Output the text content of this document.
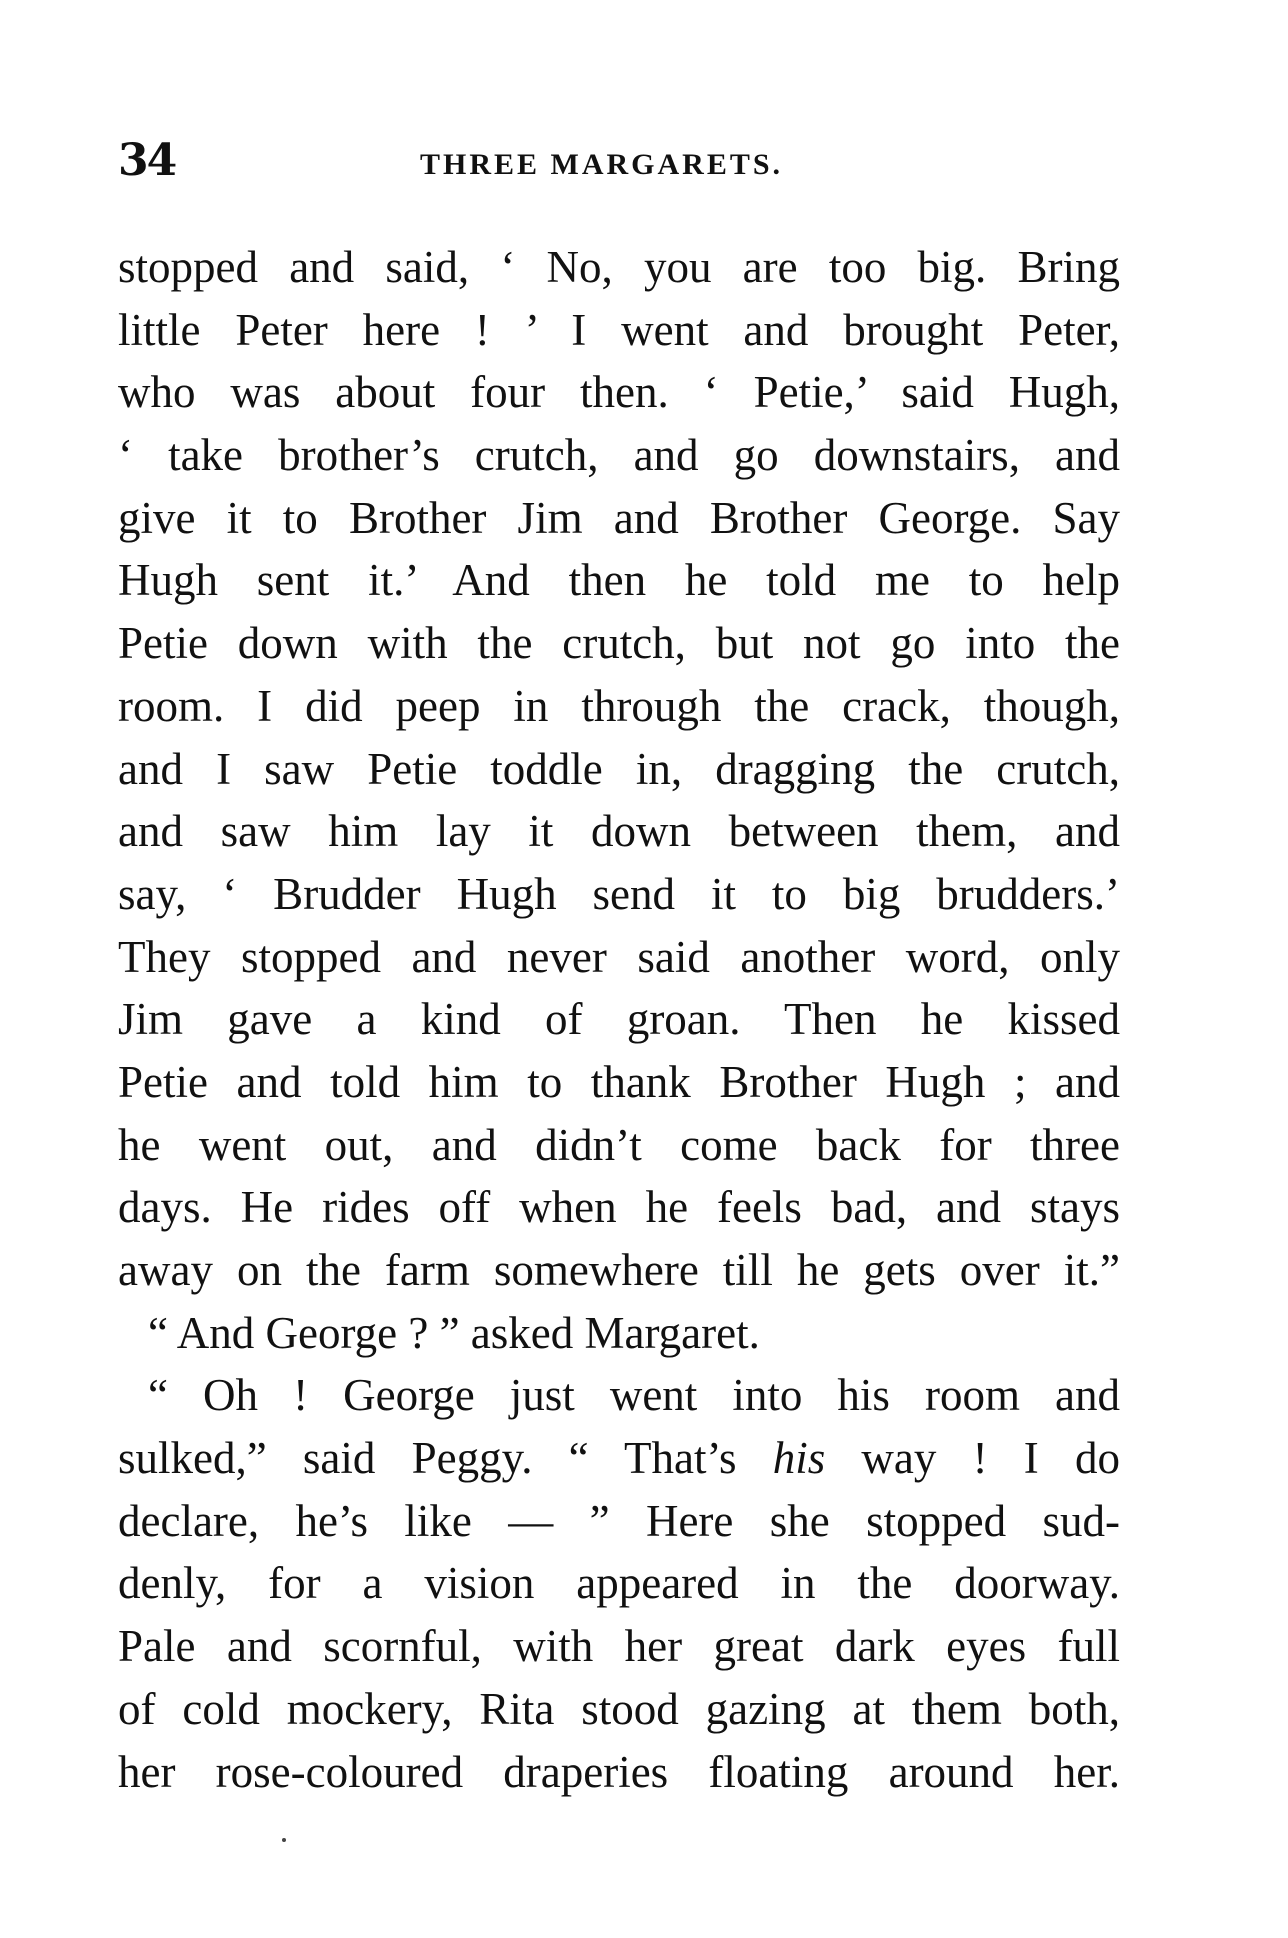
34	THREE MARGARETS.
stopped and said, ‘ No, you are too big. Bring
little Peter here ! ’ I went and brought Peter,
who was about four then. ‘ Petie,’ said Hugh,
‘ take brother’s crutch, and go downstairs, and
give it to Brother Jim and Brother George. Say
Hugh sent it.’ And then he told me to help
Petie down with the crutch, but not go into the
room. I did peep in through the crack, though,
and I saw Petie toddle in, dragging the crutch,
and saw him lay it down between them, and
say, ‘ Brudder Hugh send it to big brudders.’
They stopped and never said another word, only
Jim gave a kind of groan. Then he kissed
Petie and told him to thank Brother Hugh ; and
he went out, and didn’t come back for three
days. He rides off when he feels bad, and stays
away on the farm somewhere till he gets over it.”
“ And George ? ” asked Margaret.
“ Oh ! George just went into his room and
sulked,” said Peggy. “ That’s his way ! I do
declare, he’s like — ” Here she stopped sud-
denly, for a vision appeared in the doorway.
Pale and scornful, with her great dark eyes full
of cold mockery, Rita stood gazing at them both,
her rose-coloured draperies floating around her.
